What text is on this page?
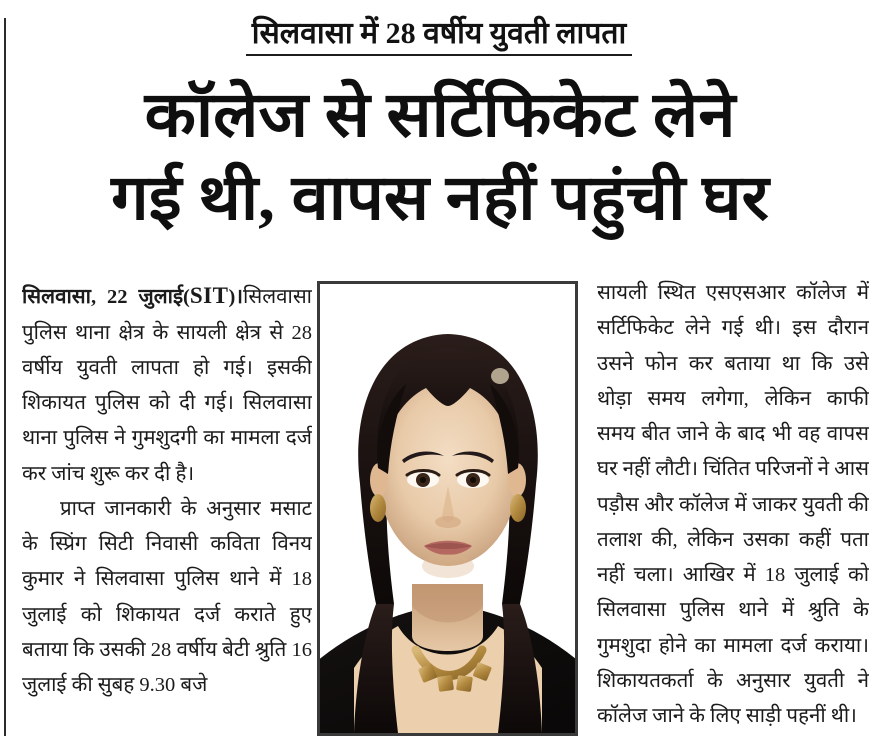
सिलवासा में 28 वर्षीय युवती लापता
कॉलेज से सर्टिफिकेट लेने
गई थी, वापस नहीं पहुंची घर

सिलवासा, 22 जुलाई(SIT)।सिलवासा पुलिस थाना क्षेत्र के सायली क्षेत्र से 28 वर्षीय युवती लापता हो गई। इसकी शिकायत पुलिस को दी गई। सिलवासा थाना पुलिस ने गुमशुदगी का मामला दर्ज कर जांच शुरू कर दी है।

प्राप्त जानकारी के अनुसार मसाट के स्प्रिंग सिटी निवासी कविता विनय कुमार ने सिलवासा पुलिस थाने में 18 जुलाई को शिकायत दर्ज कराते हुए बताया कि उसकी 28 वर्षीय बेटी श्रुति 16 जुलाई की सुबह 9.30 बजे

सायली स्थित एसएसआर कॉलेज में सर्टिफिकेट लेने गई थी। इस दौरान उसने फोन कर बताया था कि उसे थोड़ा समय लगेगा, लेकिन काफी समय बीत जाने के बाद भी वह वापस घर नहीं लौटी। चिंतित परिजनों ने आस पड़ौस और कॉलेज में जाकर युवती की तलाश की, लेकिन उसका कहीं पता नहीं चला। आखिर में 18 जुलाई को सिलवासा पुलिस थाने में श्रुति के गुमशुदा होने का मामला दर्ज कराया। शिकायतकर्ता के अनुसार युवती ने कॉलेज जाने के लिए साड़ी पहनीं थी।
